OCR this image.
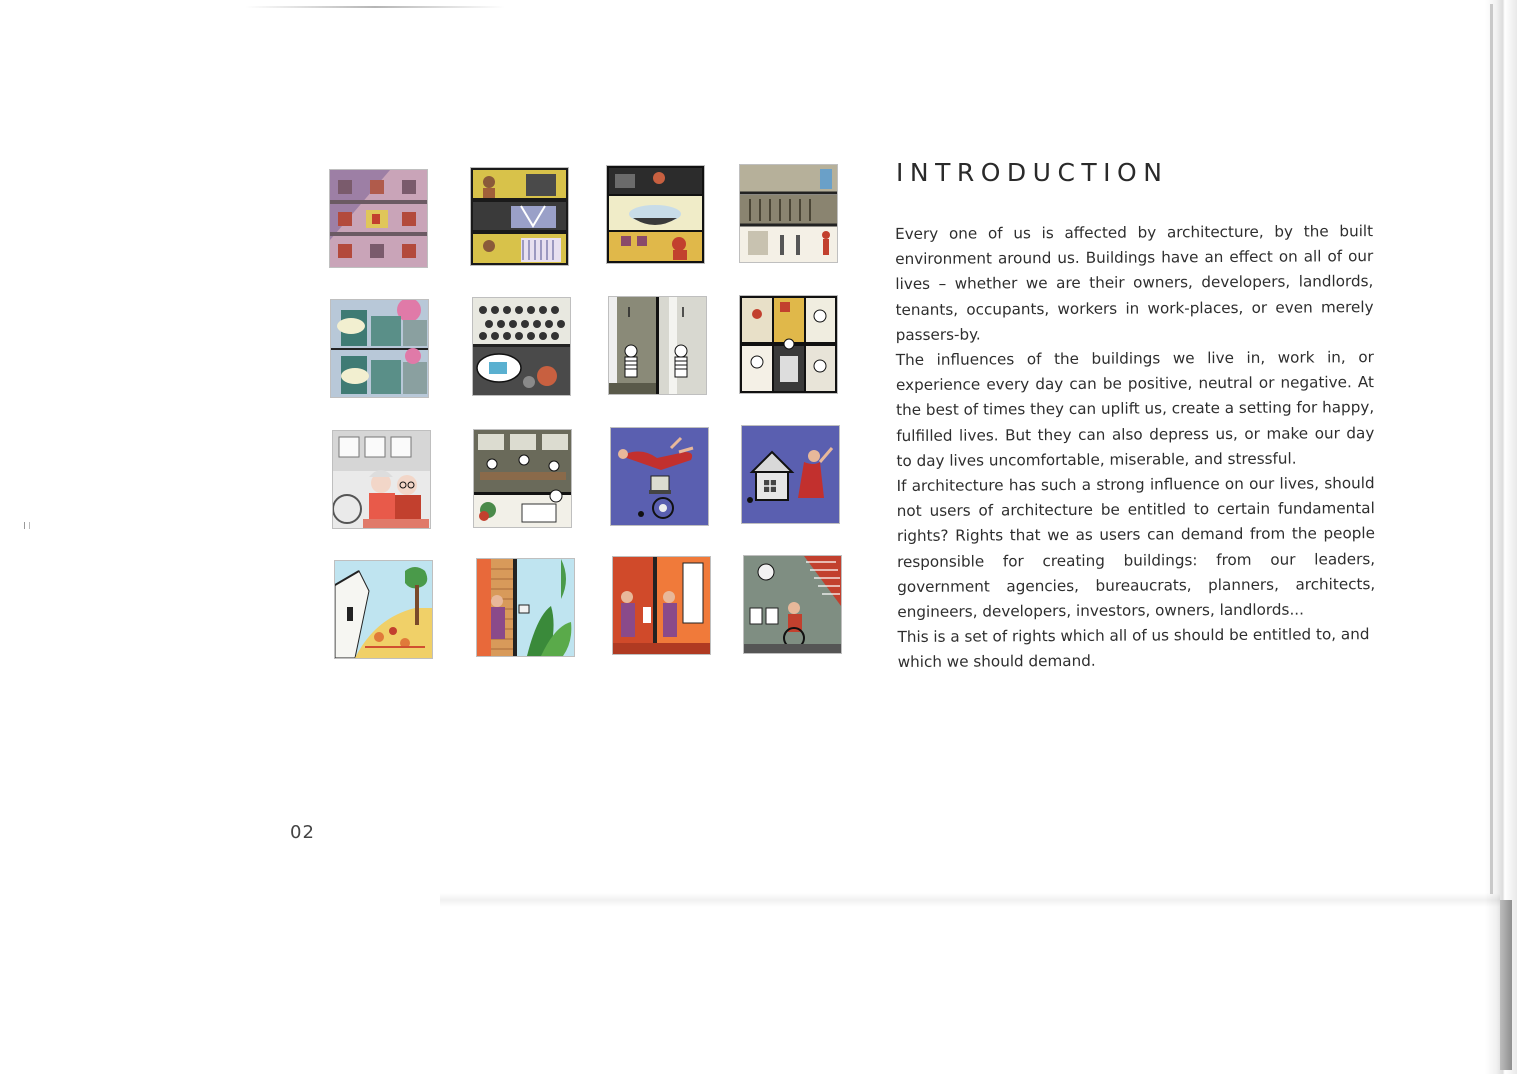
INTRODUCTION

Every one of us is affected by architecture, by the built environment around us. Buildings have an effect on all of our lives – whether we are their owners, developers, landlords, tenants, occupants, workers in work-places, or even merely passers-by.

The influences of the buildings we live in, work in, or experience every day can be positive, neutral or negative. At the best of times they can uplift us, create a setting for happy, fulfilled lives. But they can also depress us, or make our day to day lives uncomfortable, miserable, and stressful.

If architecture has such a strong influence on our lives, should not users of architecture be entitled to certain fundamental rights? Rights that we as users can demand from the people responsible for creating buildings: from our leaders, government agencies, bureaucrats, planners, architects, engineers, developers, investors, owners, landlords...

This is a set of rights which all of us should be entitled to, and which we should demand.

02
